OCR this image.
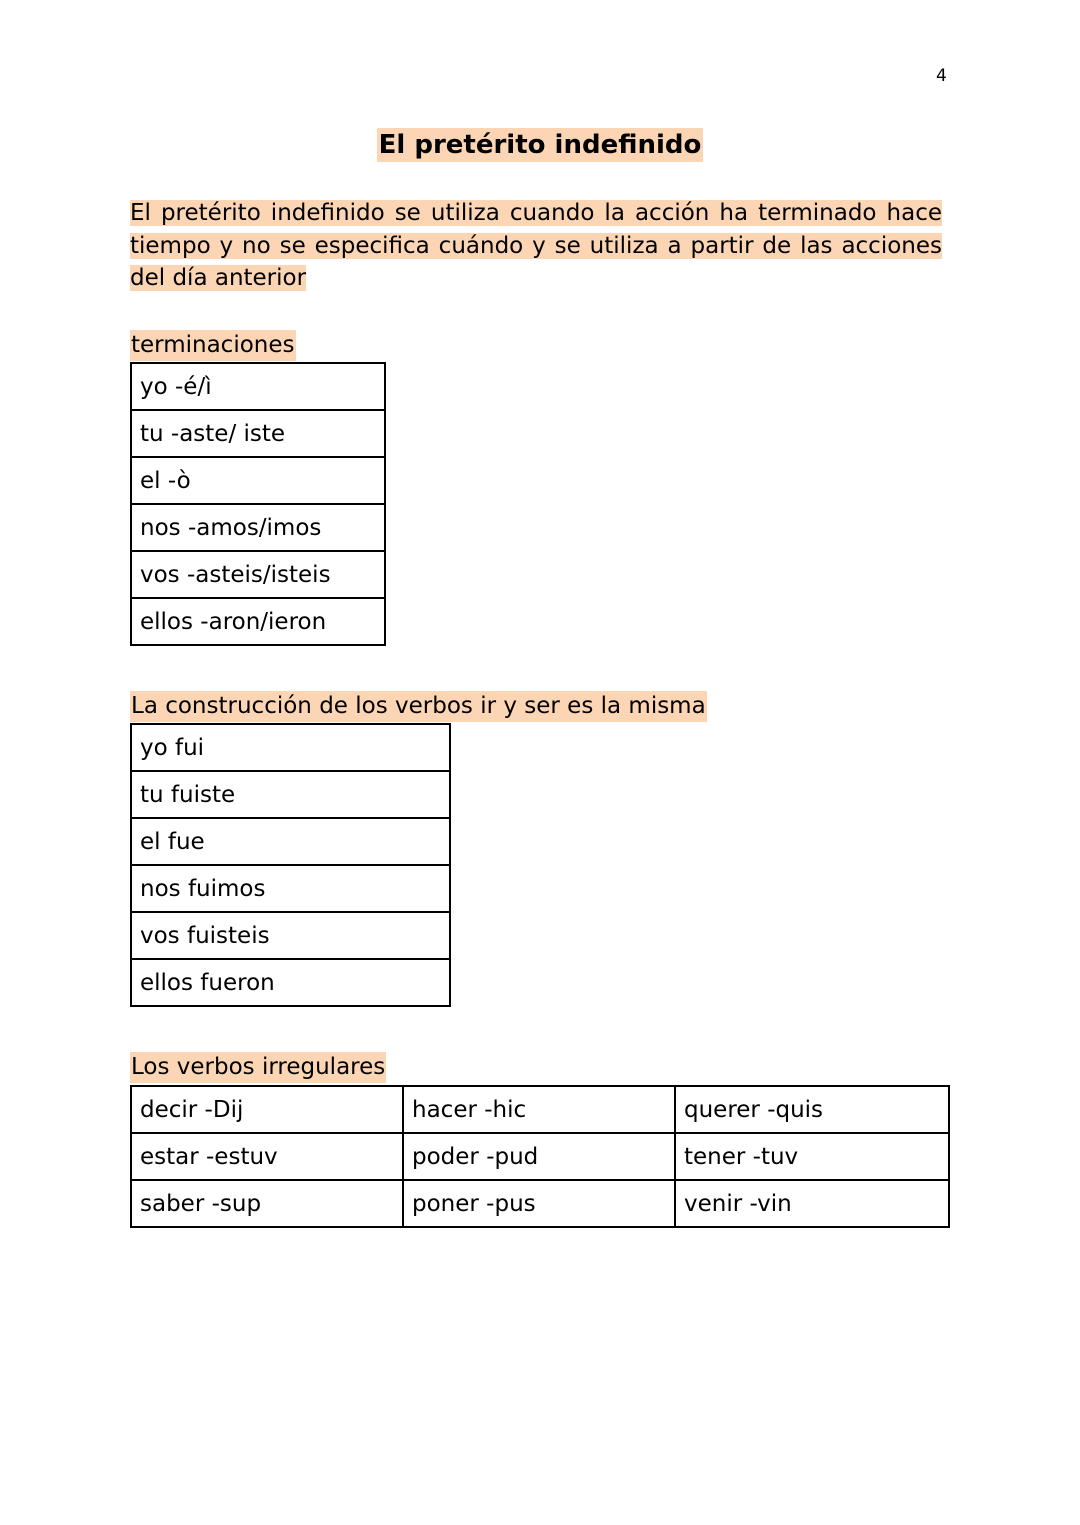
4
El pretérito indefinido
El pretérito indefinido se utiliza cuando la acción ha terminado hace tiempo y no se especifica cuándo y se utiliza a partir de las acciones del día anterior
terminaciones
yo -é/ì
tu -aste/ iste
el -ò
nos -amos/imos
vos -asteis/isteis
ellos -aron/ieron
La construcción de los verbos ir y ser es la misma
yo fui
tu fuiste
el fue
nos fuimos
vos fuisteis
ellos fueron
Los verbos irregulares
decir -Dij	hacer -hic	querer -quis
estar -estuv	poder -pud	tener -tuv
saber -sup	poner -pus	venir -vin
